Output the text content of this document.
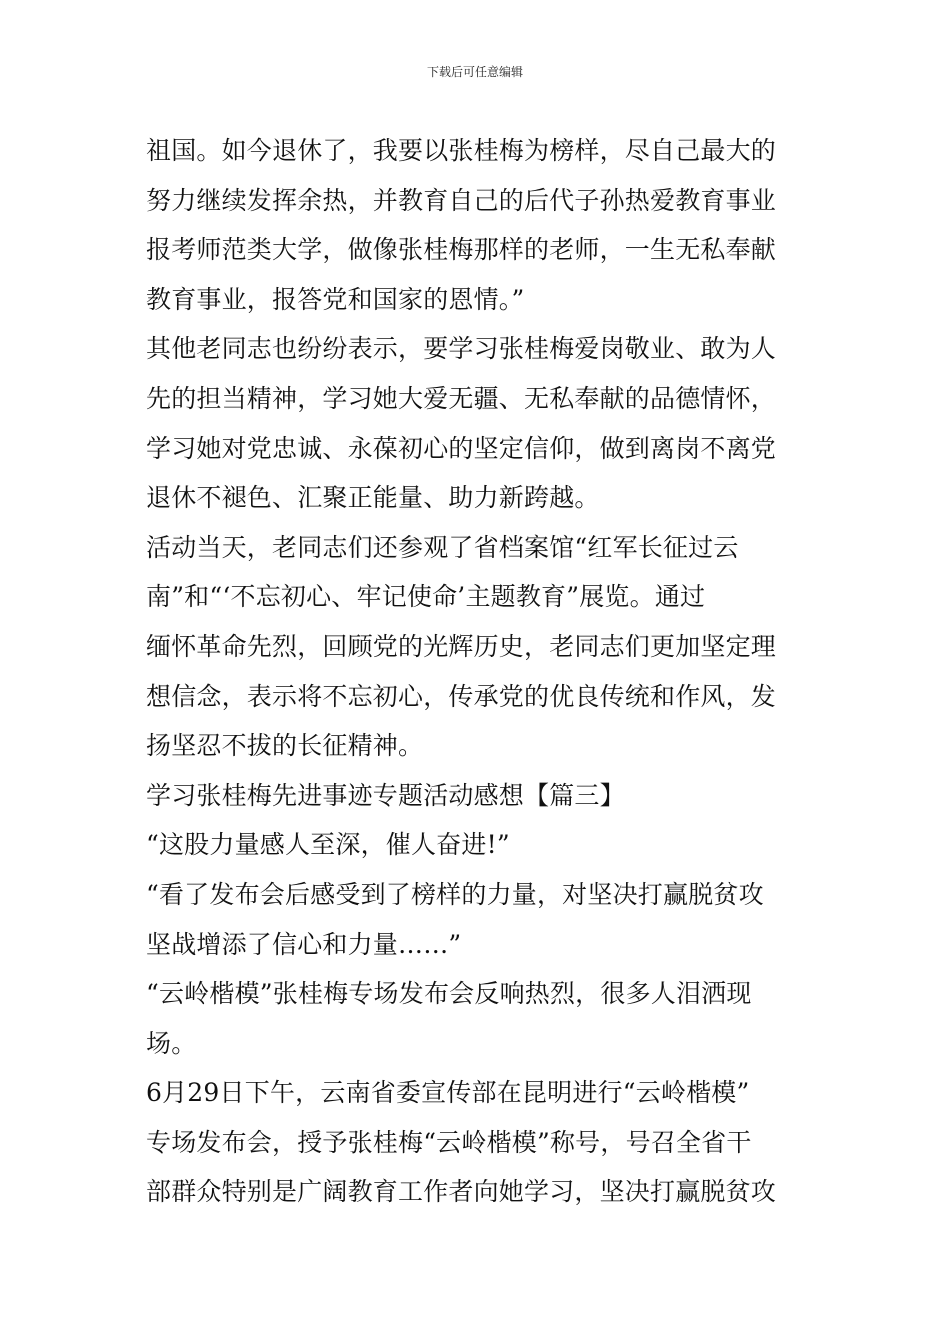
下载后可任意编辑
祖国。如今退休了，我要以张桂梅为榜样，尽自己最大的
努力继续发挥余热，并教育自己的后代子孙热爱教育事业
报考师范类大学，做像张桂梅那样的老师，一生无私奉献
教育事业，报答党和国家的恩情。”
其他老同志也纷纷表示，要学习张桂梅爱岗敬业、敢为人
先的担当精神，学习她大爱无疆、无私奉献的品德情怀，
学习她对党忠诚、永葆初心的坚定信仰，做到离岗不离党
退休不褪色、汇聚正能量、助力新跨越。
活动当天，老同志们还参观了省档案馆“红军长征过云
南”和“‘不忘初心、牢记使命’主题教育”展览。通过
缅怀革命先烈，回顾党的光辉历史，老同志们更加坚定理
想信念，表示将不忘初心，传承党的优良传统和作风，发
扬坚忍不拔的长征精神。
学习张桂梅先进事迹专题活动感想【篇三】
“这股力量感人至深，催人奋进!”
“看了发布会后感受到了榜样的力量，对坚决打赢脱贫攻
坚战增添了信心和力量……”
“云岭楷模”张桂梅专场发布会反响热烈，很多人泪洒现
场。
6月29日下午，云南省委宣传部在昆明进行“云岭楷模”
专场发布会，授予张桂梅“云岭楷模”称号，号召全省干
部群众特别是广阔教育工作者向她学习，坚决打赢脱贫攻
